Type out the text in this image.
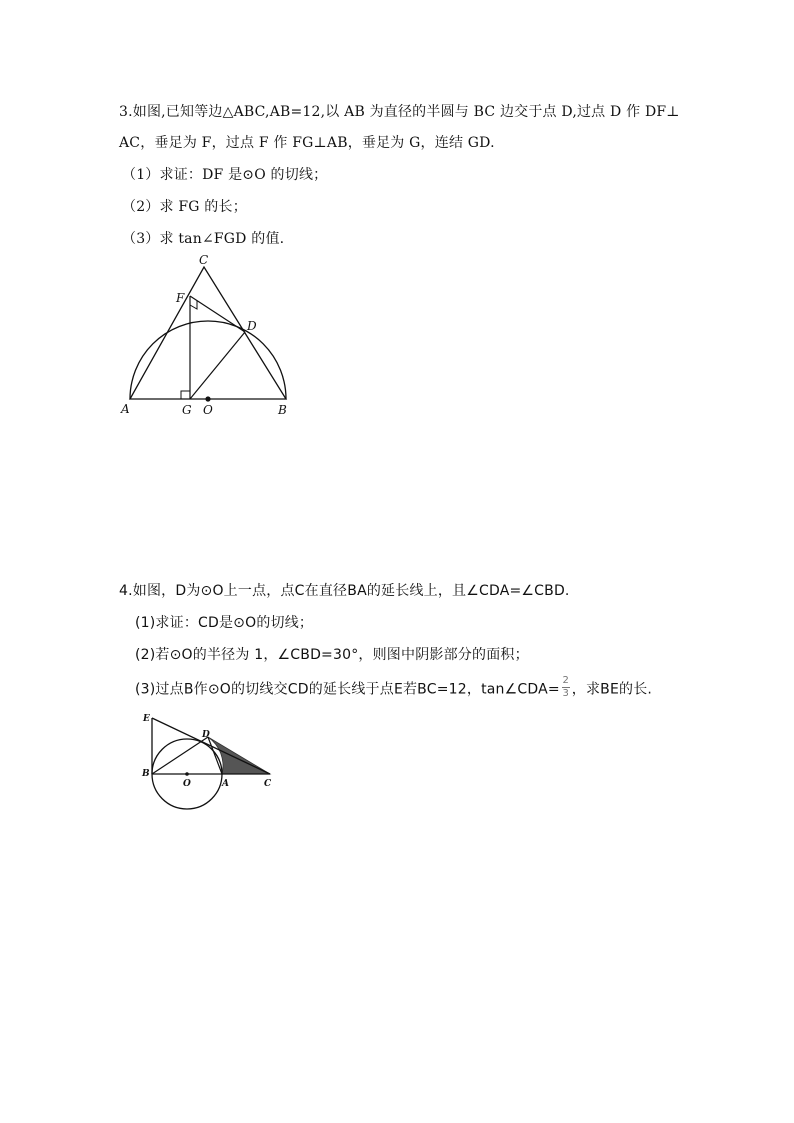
3.如图,已知等边△ABC,AB=12,以 AB 为直径的半圆与 BC 边交于点 D,过点 D 作 DF⊥
AC，垂足为 F，过点 F 作 FG⊥AB，垂足为 G，连结 GD.
（1）求证：DF 是⊙O 的切线；
（2）求 FG 的长；
（3）求 tan∠FGD 的值.
C
F
D
A	G O	B
4.如图，D为⊙O上一点，点C在直径BA的延长线上，且∠CDA=∠CBD.
(1)求证：CD是⊙O的切线；
(2)若⊙O的半径为 1，∠CBD=30°，则图中阴影部分的面积；
(3)过点B作⊙O的切线交CD的延长线于点E若BC=12，tan∠CDA= $\frac{2}{3}$ ，求BE的长.
E
D
B
O	A	C
